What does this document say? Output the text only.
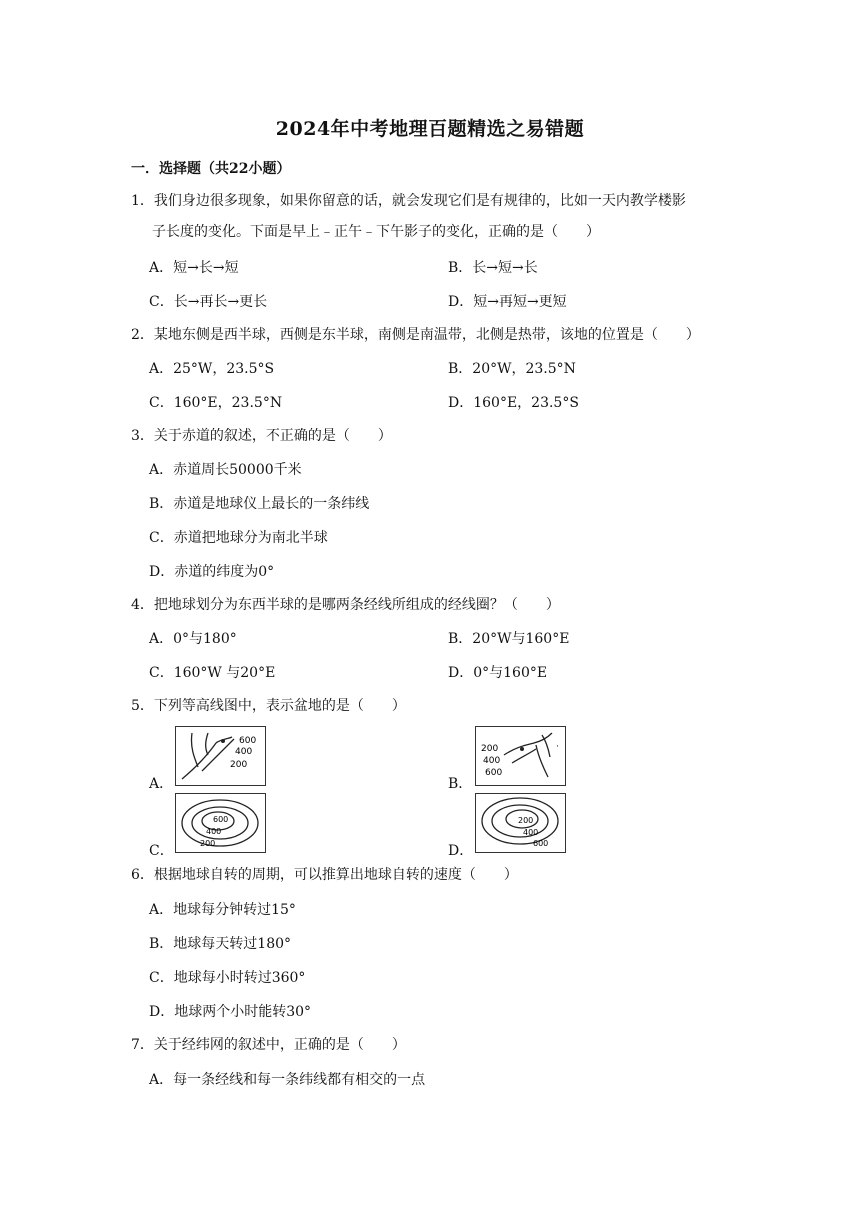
2024年中考地理百题精选之易错题
一．选择题（共22小题）
1．我们身边很多现象，如果你留意的话，就会发现它们是有规律的，比如一天内教学楼影
子长度的变化。下面是早上﹣正午﹣下午影子的变化，正确的是（　　）
A．短→长→短	B．长→短→长
C．长→再长→更长	D．短→再短→更短
2．某地东侧是西半球，西侧是东半球，南侧是南温带，北侧是热带，该地的位置是（　　）
A．25°W，23.5°S	B．20°W，23.5°N
C．160°E，23.5°N	D．160°E，23.5°S
3．关于赤道的叙述，不正确的是（　　）
A．赤道周长50000千米
B．赤道是地球仪上最长的一条纬线
C．赤道把地球分为南北半球
D．赤道的纬度为0°
4．把地球划分为东西半球的是哪两条经线所组成的经线圈？（　　）
A．0°与180°	B．20°W与160°E
C．160°W 与20°E	D．0°与160°E
5．下列等高线图中，表示盆地的是（　　）
A．	B．
C．	D．
600
400
200
·
200
400
600
600
400
200
200
400
600
6．根据地球自转的周期，可以推算出地球自转的速度（　　）
A．地球每分钟转过15°
B．地球每天转过180°
C．地球每小时转过360°
D．地球两个小时能转30°
7．关于经纬网的叙述中，正确的是（　　）
A．每一条经线和每一条纬线都有相交的一点
